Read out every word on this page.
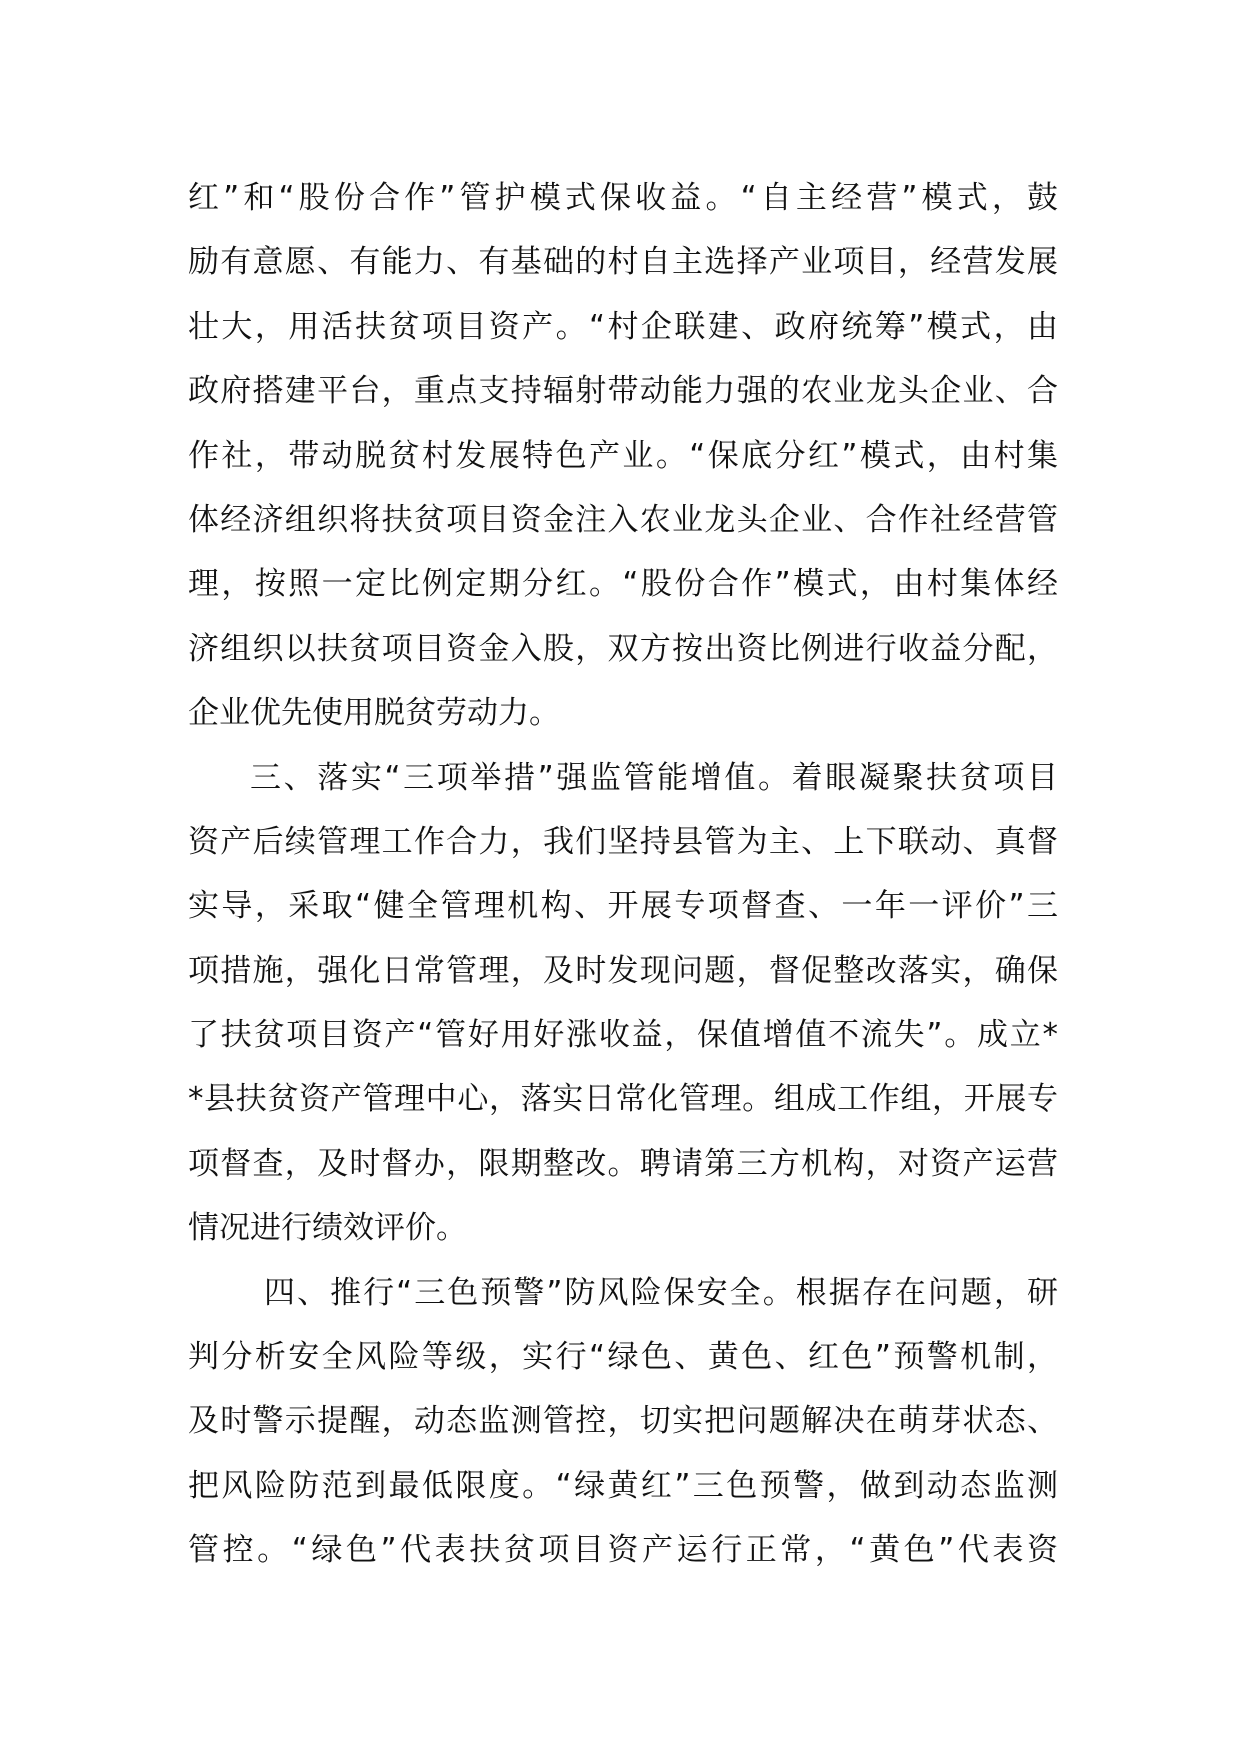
红”和“股份合作”管护模式保收益。“自主经营”模式，鼓
励有意愿、有能力、有基础的村自主选择产业项目，经营发展
壮大，用活扶贫项目资产。“村企联建、政府统筹”模式，由
政府搭建平台，重点支持辐射带动能力强的农业龙头企业、合
作社，带动脱贫村发展特色产业。“保底分红”模式，由村集
体经济组织将扶贫项目资金注入农业龙头企业、合作社经营管
理，按照一定比例定期分红。“股份合作”模式，由村集体经
济组织以扶贫项目资金入股，双方按出资比例进行收益分配，
企业优先使用脱贫劳动力。
三、落实“三项举措”强监管能增值。着眼凝聚扶贫项目
资产后续管理工作合力，我们坚持县管为主、上下联动、真督
实导，采取“健全管理机构、开展专项督查、一年一评价”三
项措施，强化日常管理，及时发现问题，督促整改落实，确保
了扶贫项目资产“管好用好涨收益，保值增值不流失”。成立*
*县扶贫资产管理中心，落实日常化管理。组成工作组，开展专
项督查，及时督办，限期整改。聘请第三方机构，对资产运营
情况进行绩效评价。
四、推行“三色预警”防风险保安全。根据存在问题，研
判分析安全风险等级，实行“绿色、黄色、红色”预警机制，
及时警示提醒，动态监测管控，切实把问题解决在萌芽状态、
把风险防范到最低限度。“绿黄红”三色预警，做到动态监测
管控。“绿色”代表扶贫项目资产运行正常，“黄色”代表资
